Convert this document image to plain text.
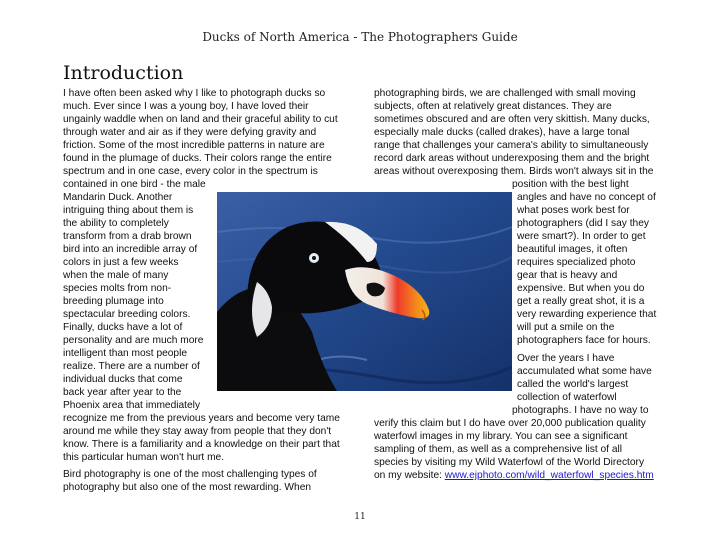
Ducks of North America - The Photographers Guide
Introduction
I have often been asked why I like to photograph ducks so
much. Ever since I was a young boy, I have loved their
ungainly waddle when on land and their graceful ability to cut
through water and air as if they were defying gravity and
friction. Some of the most incredible patterns in nature are
found in the plumage of ducks. Their colors range the entire
spectrum and in one case, every color in the spectrum is
contained in one bird - the male
Mandarin Duck. Another
intriguing thing about them is
the ability to completely
transform from a drab brown
bird into an incredible array of
colors in just a few weeks
when the male of many
species molts from non-
breeding plumage into
spectacular breeding colors.
Finally, ducks have a lot of
personality and are much more
intelligent than most people
realize. There are a number of
individual ducks that come
back year after year to the
Phoenix area that immediately
recognize me from the previous years and become very tame
around me while they stay away from people that they don't
know. There is a familiarity and a knowledge on their part that
this particular human won't hurt me.
Bird photography is one of the most challenging types of
photography but also one of the most rewarding. When
photographing birds, we are challenged with small moving
subjects, often at relatively great distances. They are
sometimes obscured and are often very skittish. Many ducks,
especially male ducks (called drakes), have a large tonal
range that challenges your camera's ability to simultaneously
record dark areas without underexposing them and the bright
areas without overexposing them. Birds won't always sit in the
position with the best light
angles and have no concept of
what poses work best for
photographers (did I say they
were smart?). In order to get
beautiful images, it often
requires specialized photo
gear that is heavy and
expensive. But when you do
get a really great shot, it is a
very rewarding experience that
will put a smile on the
photographers face for hours.
Over the years I have
accumulated what some have
called the world's largest
collection of waterfowl
photographs. I have no way to
verify this claim but I do have over 20,000 publication quality
waterfowl images in my library. You can see a significant
sampling of them, as well as a comprehensive list of all
species by visiting my Wild Waterfowl of the World Directory
on my website: www.ejphoto.com/wild_waterfowl_species.htm
11
